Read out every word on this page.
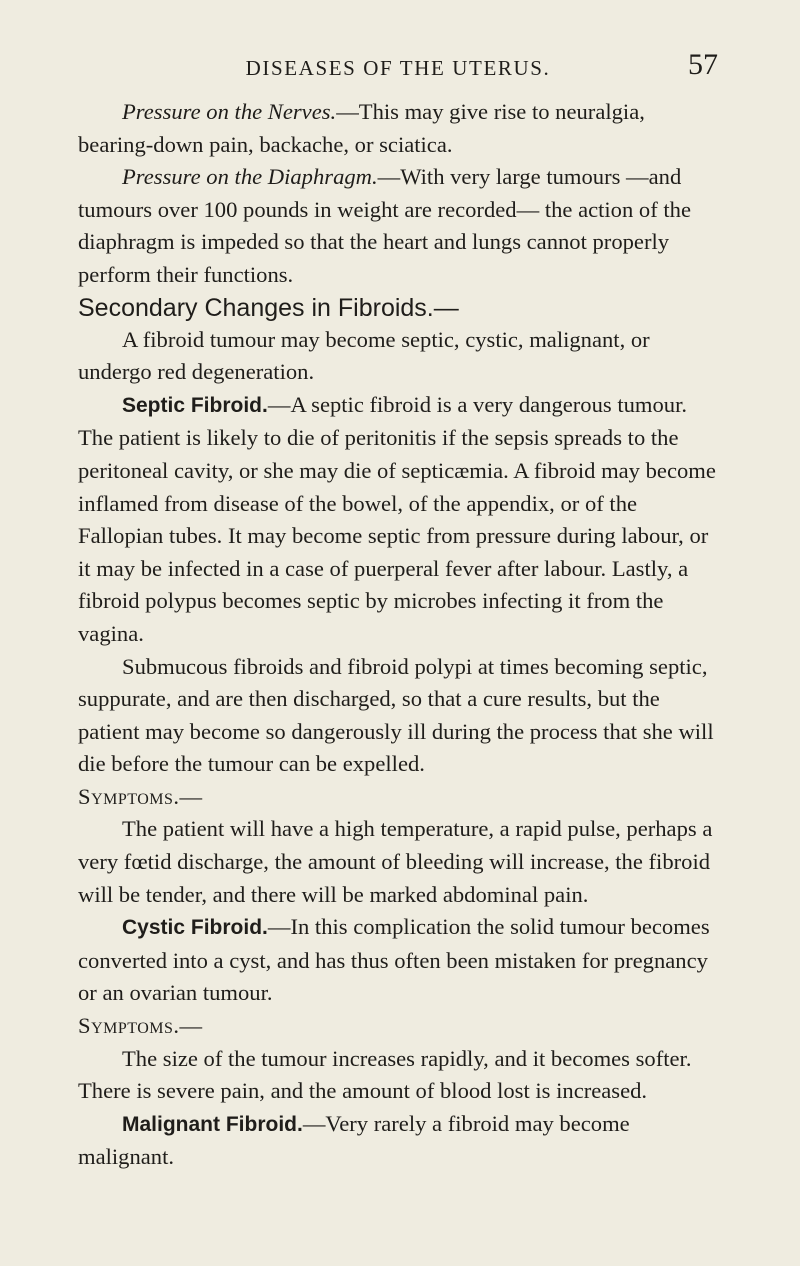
DISEASES OF THE UTERUS.	57

Pressure on the Nerves.—This may give rise to neuralgia, bearing-down pain, backache, or sciatica.

Pressure on the Diaphragm.—With very large tumours —and tumours over 100 pounds in weight are recorded— the action of the diaphragm is impeded so that the heart and lungs cannot properly perform their functions.

Secondary Changes in Fibroids.—

A fibroid tumour may become septic, cystic, malignant, or undergo red degeneration.

Septic Fibroid.—A septic fibroid is a very dangerous tumour. The patient is likely to die of peritonitis if the sepsis spreads to the peritoneal cavity, or she may die of septicæmia. A fibroid may become inflamed from disease of the bowel, of the appendix, or of the Fallopian tubes. It may become septic from pressure during labour, or it may be infected in a case of puerperal fever after labour. Lastly, a fibroid polypus becomes septic by microbes infecting it from the vagina.

Submucous fibroids and fibroid polypi at times becoming septic, suppurate, and are then discharged, so that a cure results, but the patient may become so dangerously ill during the process that she will die before the tumour can be expelled.

Symptoms.—

The patient will have a high temperature, a rapid pulse, perhaps a very fœtid discharge, the amount of bleeding will increase, the fibroid will be tender, and there will be marked abdominal pain.

Cystic Fibroid.—In this complication the solid tumour becomes converted into a cyst, and has thus often been mistaken for pregnancy or an ovarian tumour.

Symptoms.—

The size of the tumour increases rapidly, and it becomes softer. There is severe pain, and the amount of blood lost is increased.

Malignant Fibroid.—Very rarely a fibroid may become malignant.
